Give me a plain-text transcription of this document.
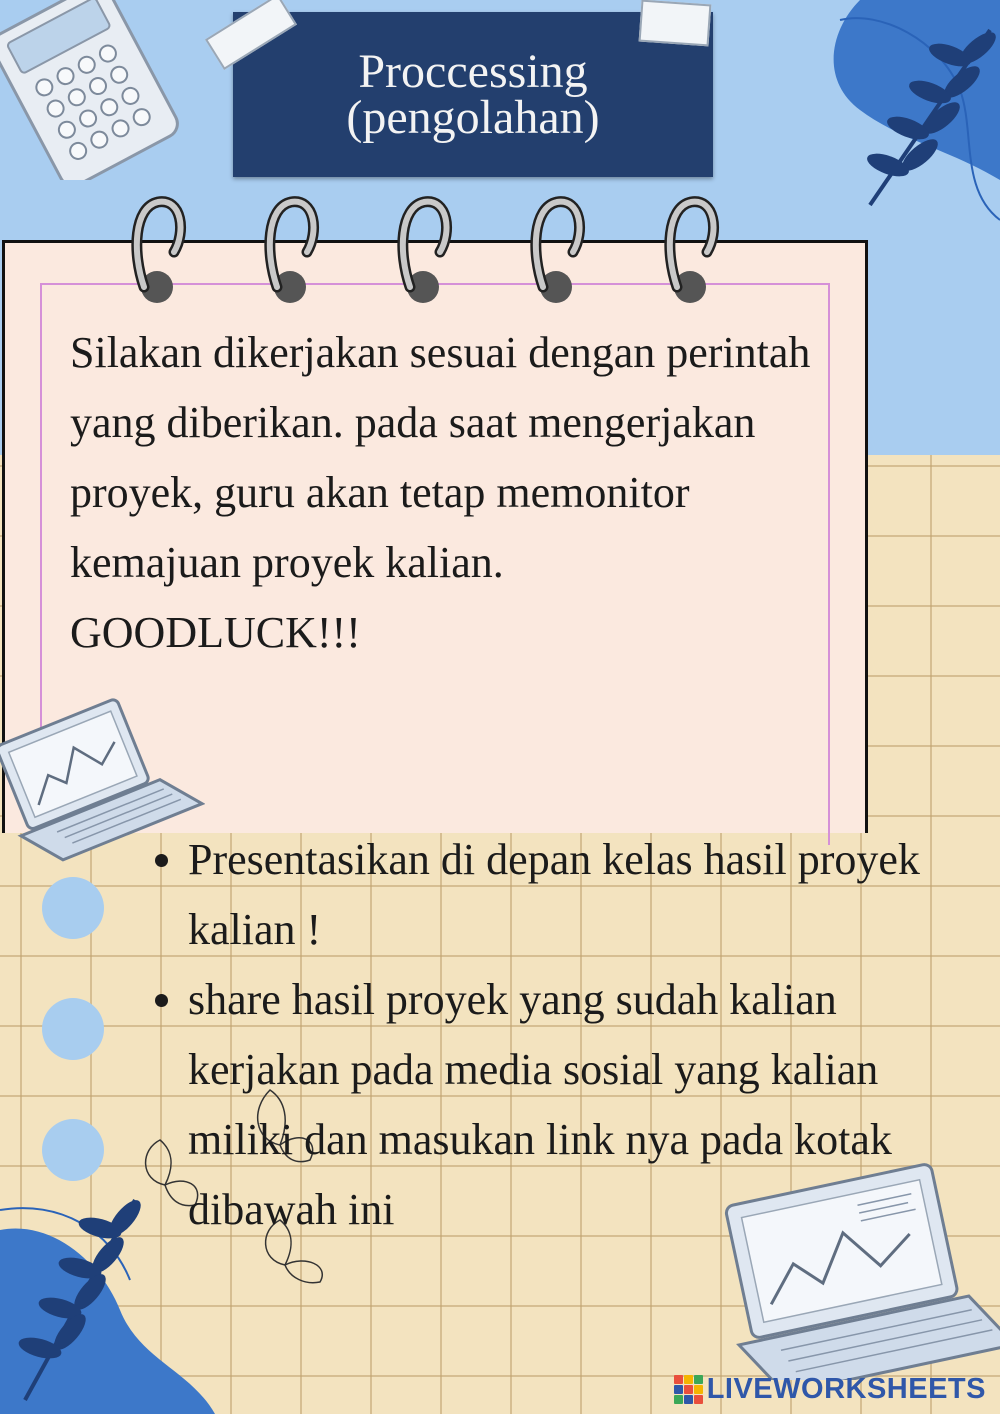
Proccessing
(pengolahan)

Silakan dikerjakan sesuai dengan perintah

yang diberikan. pada saat mengerjakan

proyek, guru akan tetap memonitor

kemajuan proyek kalian.

GOODLUCK!!!

• Presentasikan di depan kelas hasil proyek kalian !
• share hasil proyek yang sudah kalian kerjakan pada media sosial yang kalian miliki dan masukan link nya pada kotak dibawah ini
LIVEWORKSHEETS
